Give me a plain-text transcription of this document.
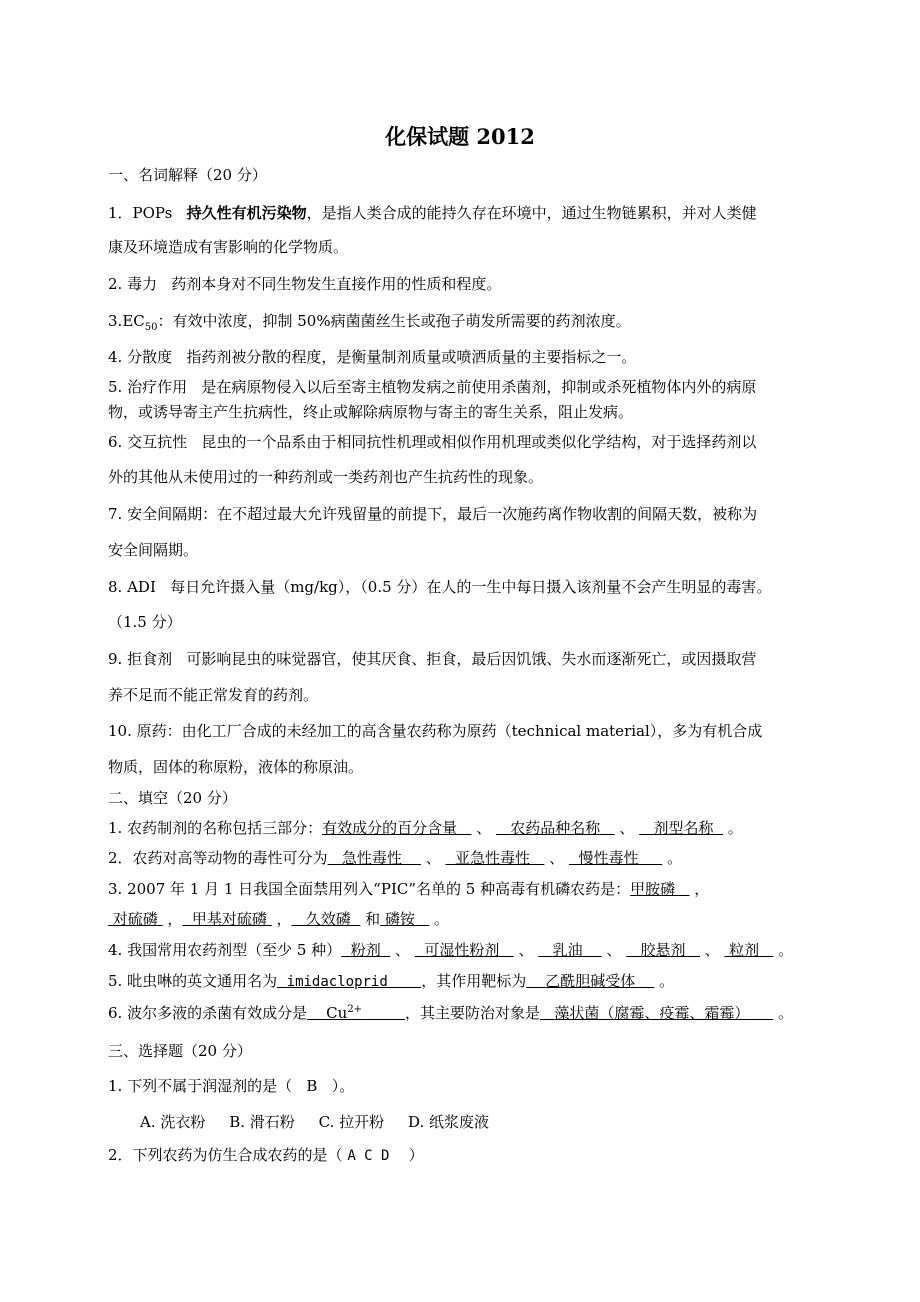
化保试题 2012
一、名词解释（20 分）
1．POPs 持久性有机污染物，是指人类合成的能持久存在环境中，通过生物链累积，并对人类健
康及环境造成有害影响的化学物质。
2. 毒力 药剂本身对不同生物发生直接作用的性质和程度。
$3.EC_{50}$：有效中浓度，抑制 50%病菌菌丝生长或孢子萌发所需要的药剂浓度。
4. 分散度 指药剂被分散的程度，是衡量制剂质量或喷洒质量的主要指标之一。
5. 治疗作用 是在病原物侵入以后至寄主植物发病之前使用杀菌剂，抑制或杀死植物体内外的病原
物，或诱导寄主产生抗病性，终止或解除病原物与寄主的寄生关系，阻止发病。
6. 交互抗性 昆虫的一个品系由于相同抗性机理或相似作用机理或类似化学结构，对于选择药剂以
外的其他从未使用过的一种药剂或一类药剂也产生抗药性的现象。
7. 安全间隔期：在不超过最大允许残留量的前提下，最后一次施药离作物收割的间隔天数，被称为
安全间隔期。
8. ADI 每日允许摄入量（mg/kg），（0.5 分）在人的一生中每日摄入该剂量不会产生明显的毒害。
（1.5 分）
9. 拒食剂 可影响昆虫的味觉器官，使其厌食、拒食，最后因饥饿、失水而逐渐死亡，或因摄取营
养不足而不能正常发育的药剂。
10. 原药：由化工厂合成的未经加工的高含量农药称为原药（technical material），多为有机合成
物质，固体的称原粉，液体的称原油。
二、填空（20 分）
1. 农药制剂的名称包括三部分：有效成分的百分含量    、    农药品种名称    、    剂型名称   。
2．农药对高等动物的毒性可分为 急性毒性     、   亚急性毒性    、   慢性毒性      。
3. 2007 年 1 月 1 日我国全面禁用列入“PIC”名单的 5 种高毒有机磷农药是：甲胺磷    ，
对硫磷  ， 甲基对硫磷  ， 久效磷 和 磷铵    。
4. 我国常用农药剂型（至少 5 种） 粉剂   、   可湿性粉剂    、    乳油     、    胶悬剂    、  粒剂    。
5. 吡虫啉的英文通用名为 imidacloprid ，其作用靶标为 乙酰胆碱受体     。
6. 波尔多液的杀菌有效成分是 $Cu^{2+}$	，其主要防治对象是 藻状菌（腐霉、疫霉、霜霉）      。
三、选择题（20 分）
1. 下列不属于润湿剂的是（ B ）。
A. 洗衣粉 B. 滑石粉 C. 拉开粉 D. 纸浆废液
2．下列农药为仿生合成农药的是（ A C D ）
